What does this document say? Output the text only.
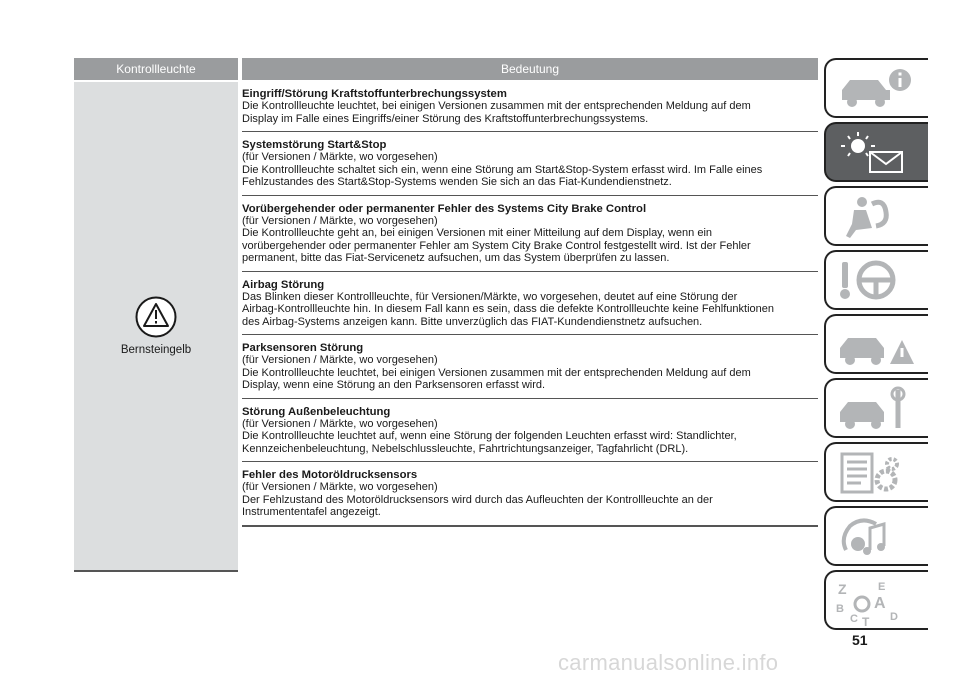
Kontrollleuchte	Bedeutung
Bernsteingelb
Eingriff/Störung Kraftstoffunterbrechungssystem
Die Kontrollleuchte leuchtet, bei einigen Versionen zusammen mit der entsprechenden Meldung auf dem
Display im Falle eines Eingriffs/einer Störung des Kraftstoffunterbrechungssystems.
Systemstörung Start&Stop
(für Versionen / Märkte, wo vorgesehen)
Die Kontrollleuchte schaltet sich ein, wenn eine Störung am Start&Stop-System erfasst wird. Im Falle eines
Fehlzustandes des Start&Stop-Systems wenden Sie sich an das Fiat-Kundendienstnetz.
Vorübergehender oder permanenter Fehler des Systems City Brake Control
(für Versionen / Märkte, wo vorgesehen)
Die Kontrollleuchte geht an, bei einigen Versionen mit einer Mitteilung auf dem Display, wenn ein
vorübergehender oder permanenter Fehler am System City Brake Control festgestellt wird. Ist der Fehler
permanent, bitte das Fiat-Servicenetz aufsuchen, um das System überprüfen zu lassen.
Airbag Störung
Das Blinken dieser Kontrollleuchte, für Versionen/Märkte, wo vorgesehen, deutet auf eine Störung der
Airbag-Kontrollleuchte hin. In diesem Fall kann es sein, dass die defekte Kontrollleuchte keine Fehlfunktionen
des Airbag-Systems anzeigen kann. Bitte unverzüglich das FIAT-Kundendienstnetz aufsuchen.
Parksensoren Störung
(für Versionen / Märkte, wo vorgesehen)
Die Kontrollleuchte leuchtet, bei einigen Versionen zusammen mit der entsprechenden Meldung auf dem
Display, wenn eine Störung an den Parksensoren erfasst wird.
Störung Außenbeleuchtung
(für Versionen / Märkte, wo vorgesehen)
Die Kontrollleuchte leuchtet auf, wenn eine Störung der folgenden Leuchten erfasst wird: Standlichter,
Kennzeichenbeleuchtung, Nebelschlussleuchte, Fahrtrichtungsanzeiger, Tagfahrlicht (DRL).
Fehler des Motoröldrucksensors
(für Versionen / Märkte, wo vorgesehen)
Der Fehlzustand des Motoröldrucksensors wird durch das Aufleuchten der Kontrollleuchte an der
Instrumententafel angezeigt.
Z	E
A
B
C T D
51
carmanualsonline.info
